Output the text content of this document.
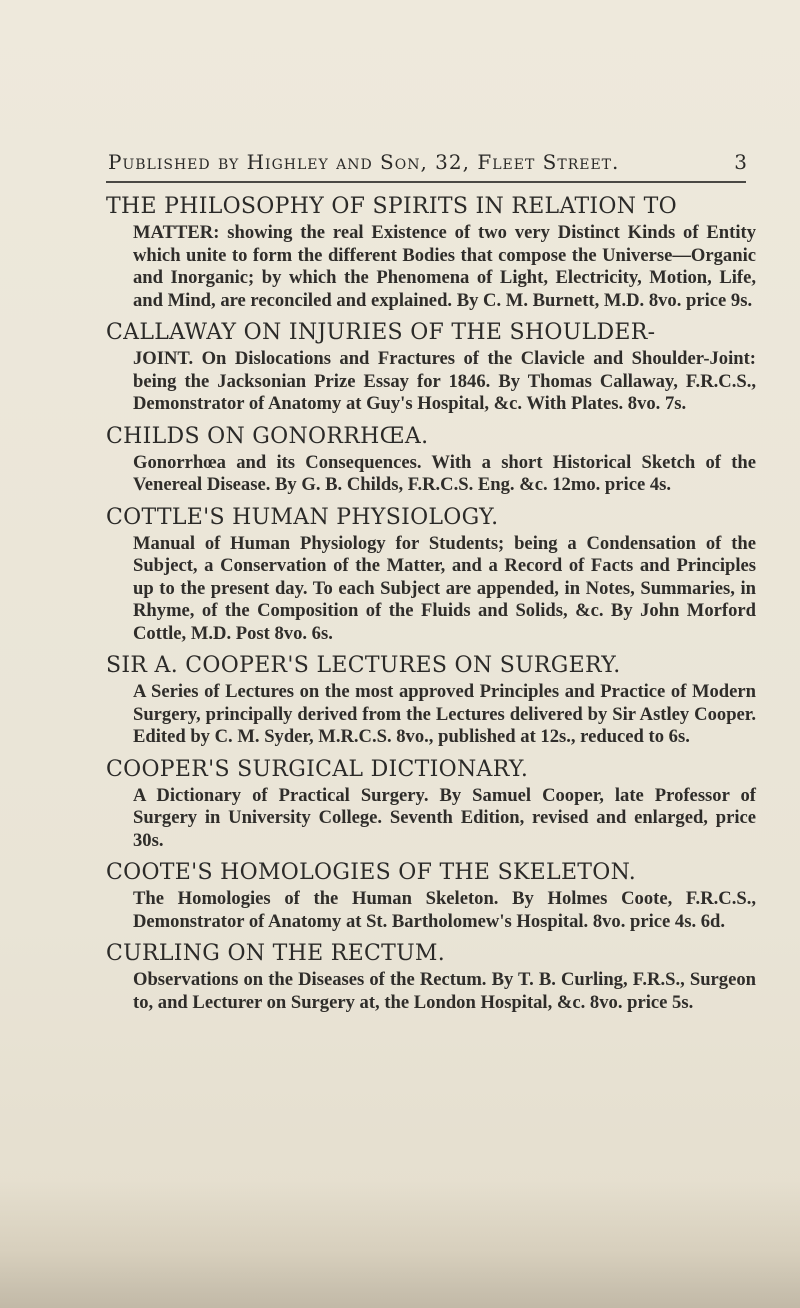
Published by Highley and Son, 32, Fleet Street.	3

THE PHILOSOPHY OF SPIRITS IN RELATION TO

MATTER: showing the real Existence of two very Distinct Kinds of Entity which unite to form the different Bodies that compose the Universe—Organic and Inorganic; by which the Phenomena of Light, Electricity, Motion, Life, and Mind, are reconciled and explained. By C. M. Burnett, M.D. 8vo. price 9s.

CALLAWAY ON INJURIES OF THE SHOULDER-

JOINT. On Dislocations and Fractures of the Clavicle and Shoulder-Joint: being the Jacksonian Prize Essay for 1846. By Thomas Callaway, F.R.C.S., Demonstrator of Anatomy at Guy's Hospital, &c. With Plates. 8vo. 7s.

CHILDS ON GONORRHŒA.

Gonorrhœa and its Consequences. With a short Historical Sketch of the Venereal Disease. By G. B. Childs, F.R.C.S. Eng. &c. 12mo. price 4s.

COTTLE'S HUMAN PHYSIOLOGY.

Manual of Human Physiology for Students; being a Condensation of the Subject, a Conservation of the Matter, and a Record of Facts and Principles up to the present day. To each Subject are appended, in Notes, Summaries, in Rhyme, of the Composition of the Fluids and Solids, &c. By John Morford Cottle, M.D. Post 8vo. 6s.

SIR A. COOPER'S LECTURES ON SURGERY.

A Series of Lectures on the most approved Principles and Practice of Modern Surgery, principally derived from the Lectures delivered by Sir Astley Cooper. Edited by C. M. Syder, M.R.C.S. 8vo., published at 12s., reduced to 6s.

COOPER'S SURGICAL DICTIONARY.

A Dictionary of Practical Surgery. By Samuel Cooper, late Professor of Surgery in University College. Seventh Edition, revised and enlarged, price 30s.

COOTE'S HOMOLOGIES OF THE SKELETON.

The Homologies of the Human Skeleton. By Holmes Coote, F.R.C.S., Demonstrator of Anatomy at St. Bartholomew's Hospital. 8vo. price 4s. 6d.

CURLING ON THE RECTUM.

Observations on the Diseases of the Rectum. By T. B. Curling, F.R.S., Surgeon to, and Lecturer on Surgery at, the London Hospital, &c. 8vo. price 5s.
